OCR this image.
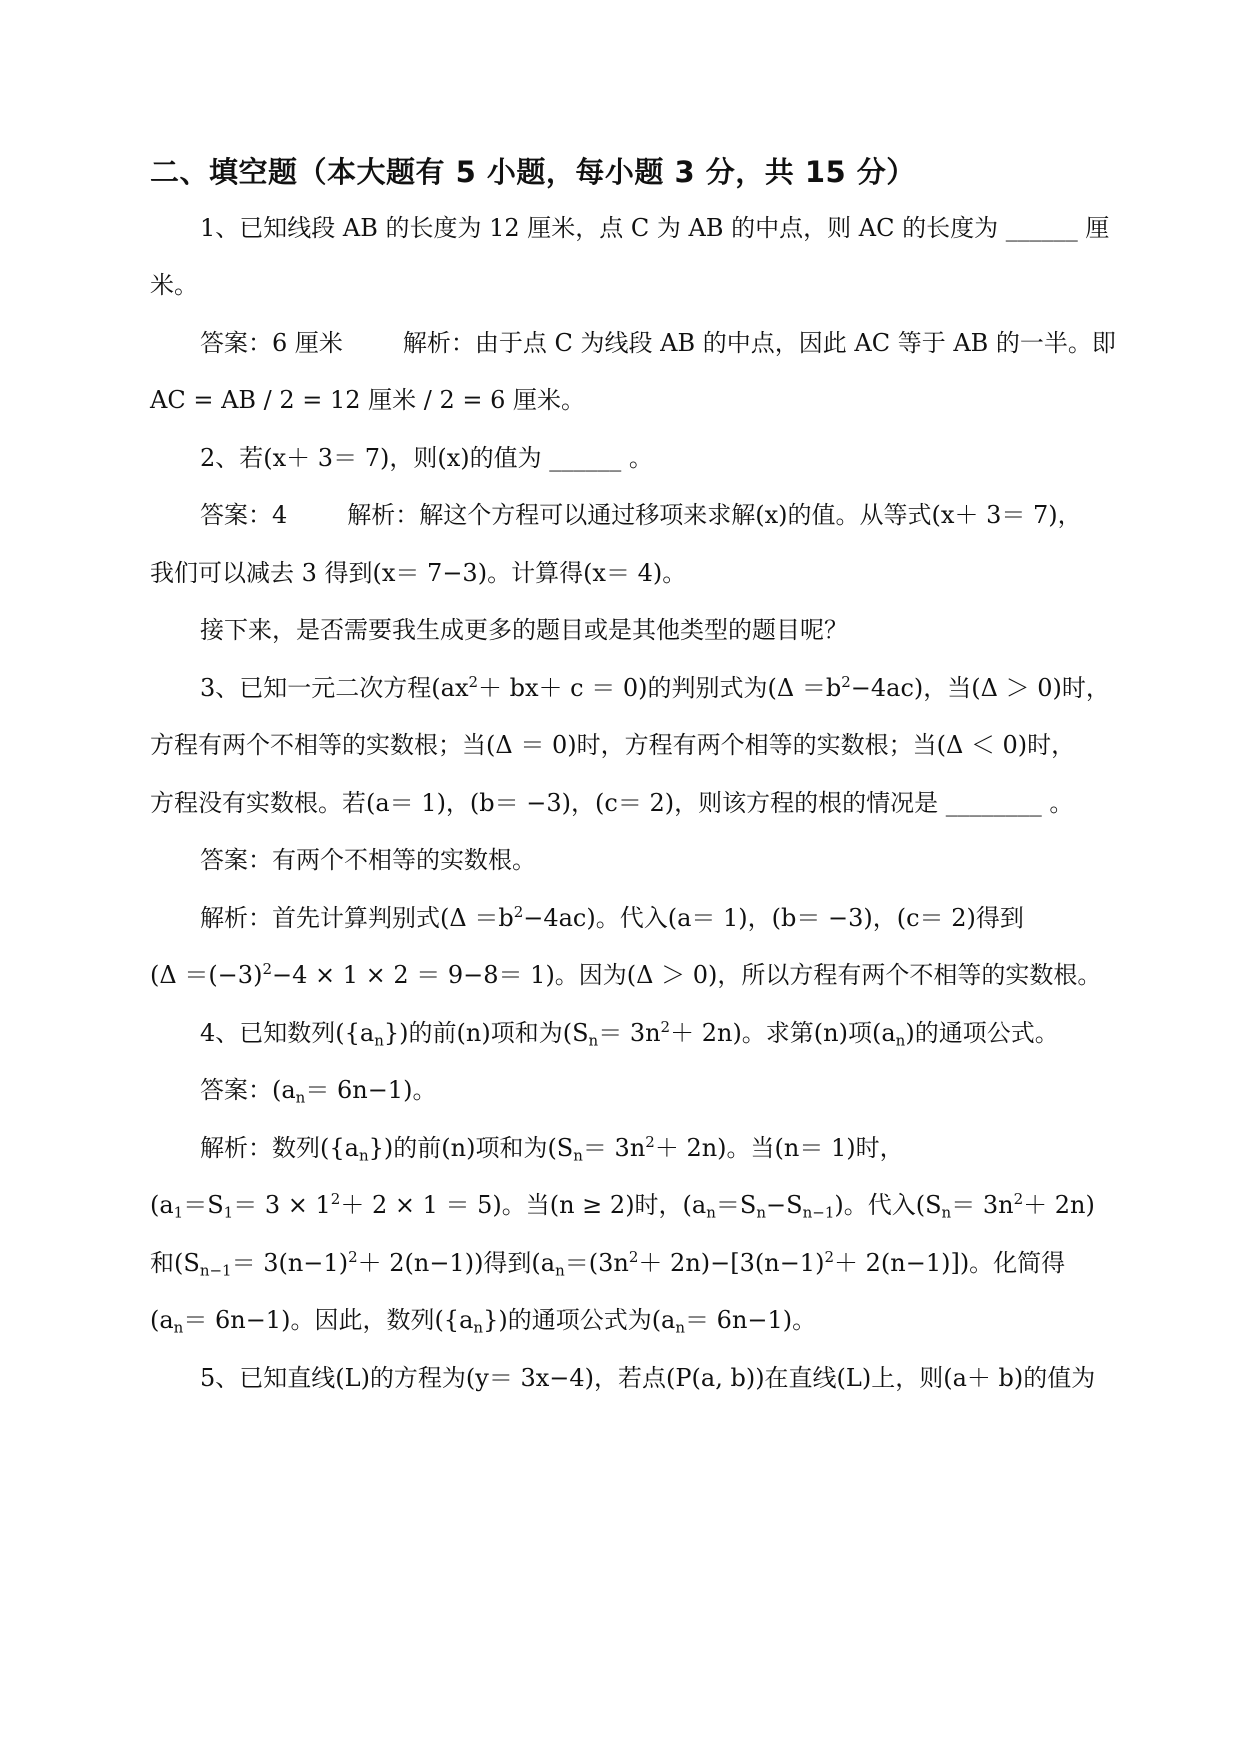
二、填空题（本大题有 5 小题，每小题 3 分，共 15 分）
1、已知线段 AB 的长度为 12 厘米，点 C 为 AB 的中点，则 AC 的长度为 ______ 厘
米。
答案：6 厘米	解析：由于点 C 为线段 AB 的中点，因此 AC 等于 AB 的一半。即
AC = AB / 2 = 12 厘米 / 2 = 6 厘米。
2、若(x＋ 3＝ 7)，则(x)的值为 ______ 。
答案：4	解析：解这个方程可以通过移项来求解(x)的值。从等式(x＋ 3＝ 7)，
我们可以减去 3 得到(x＝ 7−3)。计算得(x＝ 4)。
接下来，是否需要我生成更多的题目或是其他类型的题目呢？
3、已知一元二次方程$(ax^2+ bx+ c = 0)$的判别式为$(\Delta =b^2-4ac)$，当(Δ ＞ 0)时，
方程有两个不相等的实数根；当(Δ ＝ 0)时，方程有两个相等的实数根；当(Δ ＜ 0)时，
方程没有实数根。若(a＝ 1)，(b＝ −3)，(c＝ 2)，则该方程的根的情况是 ________ 。
答案：有两个不相等的实数根。
解析：首先计算判别式$(\Delta =b^2-4ac)$。代入(a＝ 1)，(b＝ −3)，(c＝ 2)得到
$(\Delta =(-3)^2-4 \times 1 \times 2 = 9-8= 1)$。因为(Δ ＞ 0)，所以方程有两个不相等的实数根。
4、已知数列$(\{a_n\})$的前(n)项和为$(S_n= 3n^2+ 2n)$。求第(n)项$(a_n)$的通项公式。
答案：$(a_n= 6n-1)$。
解析：数列$(\{a_n\})$的前(n)项和为$(S_n= 3n^2+ 2n)$。当(n＝ 1)时，
$(a_1=S_1= 3 \times 1^2+ 2 \times 1 = 5)$。当(n ≥ 2)时，$(a_n=S_n-S_{n-1})$。代入$(S_n= 3n^2+ 2n)$
和$(S_{n-1}= 3(n-1)^2+ 2(n-1))$得到$(a_n=(3n^2+ 2n)-[3(n-1)^2+ 2(n-1)])$。化简得
$(a_n= 6n-1)$。因此，数列$(\{a_n\})$的通项公式为$(a_n= 6n-1)$。
5、已知直线(L)的方程为(y＝ 3x−4)，若点(P(a, b))在直线(L)上，则(a＋ b)的值为
